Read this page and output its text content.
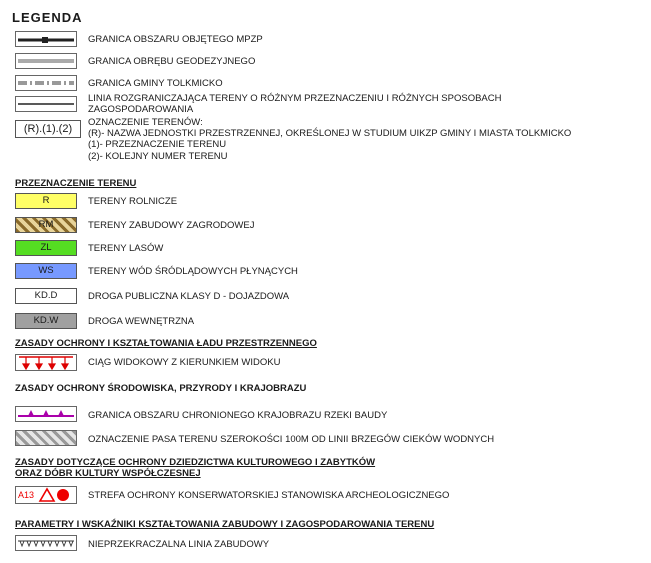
LEGENDA
GRANICA OBSZARU OBJĘTEGO MPZP
GRANICA OBRĘBU GEODEZYJNEGO
GRANICA GMINY TOLKMICKO
LINIA ROZGRANICZAJĄCA TERENY O RÓŻNYM PRZEZNACZENIU I RÓŻNYCH SPOSOBACH
ZAGOSPODAROWANIA
(R).(1).(2)
OZNACZENIE TERENÓW:
(R)- NAZWA JEDNOSTKI PRZESTRZENNEJ, OKREŚLONEJ W STUDIUM UIKZP GMINY I MIASTA TOLKMICKO
(1)- PRZEZNACZENIE TERENU
(2)- KOLEJNY NUMER TERENU
PRZEZNACZENIE TERENU
R	TERENY ROLNICZE
RM	TERENY ZABUDOWY ZAGRODOWEJ
ZL	TERENY LASÓW
WS	TERENY WÓD ŚRÓDLĄDOWYCH PŁYNĄCYCH
KD.D	DROGA PUBLICZNA KLASY D - DOJAZDOWA
KD.W	DROGA WEWNĘTRZNA
ZASADY OCHRONY I KSZTAŁTOWANIA ŁADU PRZESTRZENNEGO
CIĄG WIDOKOWY Z KIERUNKIEM WIDOKU
ZASADY OCHRONY ŚRODOWISKA, PRZYRODY I KRAJOBRAZU
GRANICA OBSZARU CHRONIONEGO KRAJOBRAZU RZEKI BAUDY
OZNACZENIE PASA TERENU SZEROKOŚCI 100M OD LINII BRZEGÓW CIEKÓW WODNYCH
ZASADY DOTYCZĄCE OCHRONY DZIEDZICTWA KULTUROWEGO I ZABYTKÓW
ORAZ DÓBR KULTURY WSPÓŁCZESNEJ
A13	STREFA OCHRONY KONSERWATORSKIEJ STANOWISKA ARCHEOLOGICZNEGO
PARAMETRY I WSKAŹNIKI KSZTAŁTOWANIA ZABUDOWY I ZAGOSPODAROWANIA TERENU
NIEPRZEKRACZALNA LINIA ZABUDOWY
